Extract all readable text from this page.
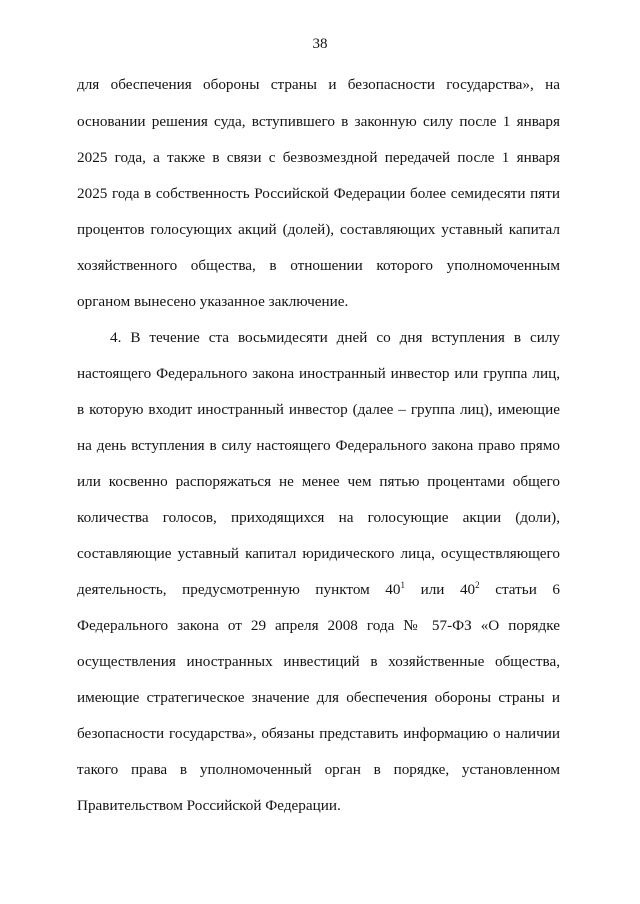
38
для обеспечения обороны страны и безопасности государства», на
основании решения суда, вступившего в законную силу после 1 января
2025 года, а также в связи с безвозмездной передачей после 1 января
2025 года в собственность Российской Федерации более семидесяти пяти
процентов голосующих акций (долей), составляющих уставный капитал
хозяйственного общества, в отношении которого уполномоченным
органом вынесено указанное заключение.
4. В течение ста восьмидесяти дней со дня вступления в силу
настоящего Федерального закона иностранный инвестор или группа лиц,
в которую входит иностранный инвестор (далее – группа лиц), имеющие
на день вступления в силу настоящего Федерального закона право прямо
или косвенно распоряжаться не менее чем пятью процентами общего
количества голосов, приходящихся на голосующие акции (доли),
составляющие уставный капитал юридического лица, осуществляющего
деятельность, предусмотренную пунктом $40^1$ или $40^2$ статьи 6
Федерального закона от 29 апреля 2008 года № 57-ФЗ «О порядке
осуществления иностранных инвестиций в хозяйственные общества,
имеющие стратегическое значение для обеспечения обороны страны и
безопасности государства», обязаны представить информацию о наличии
такого права в уполномоченный орган в порядке, установленном
Правительством Российской Федерации.
